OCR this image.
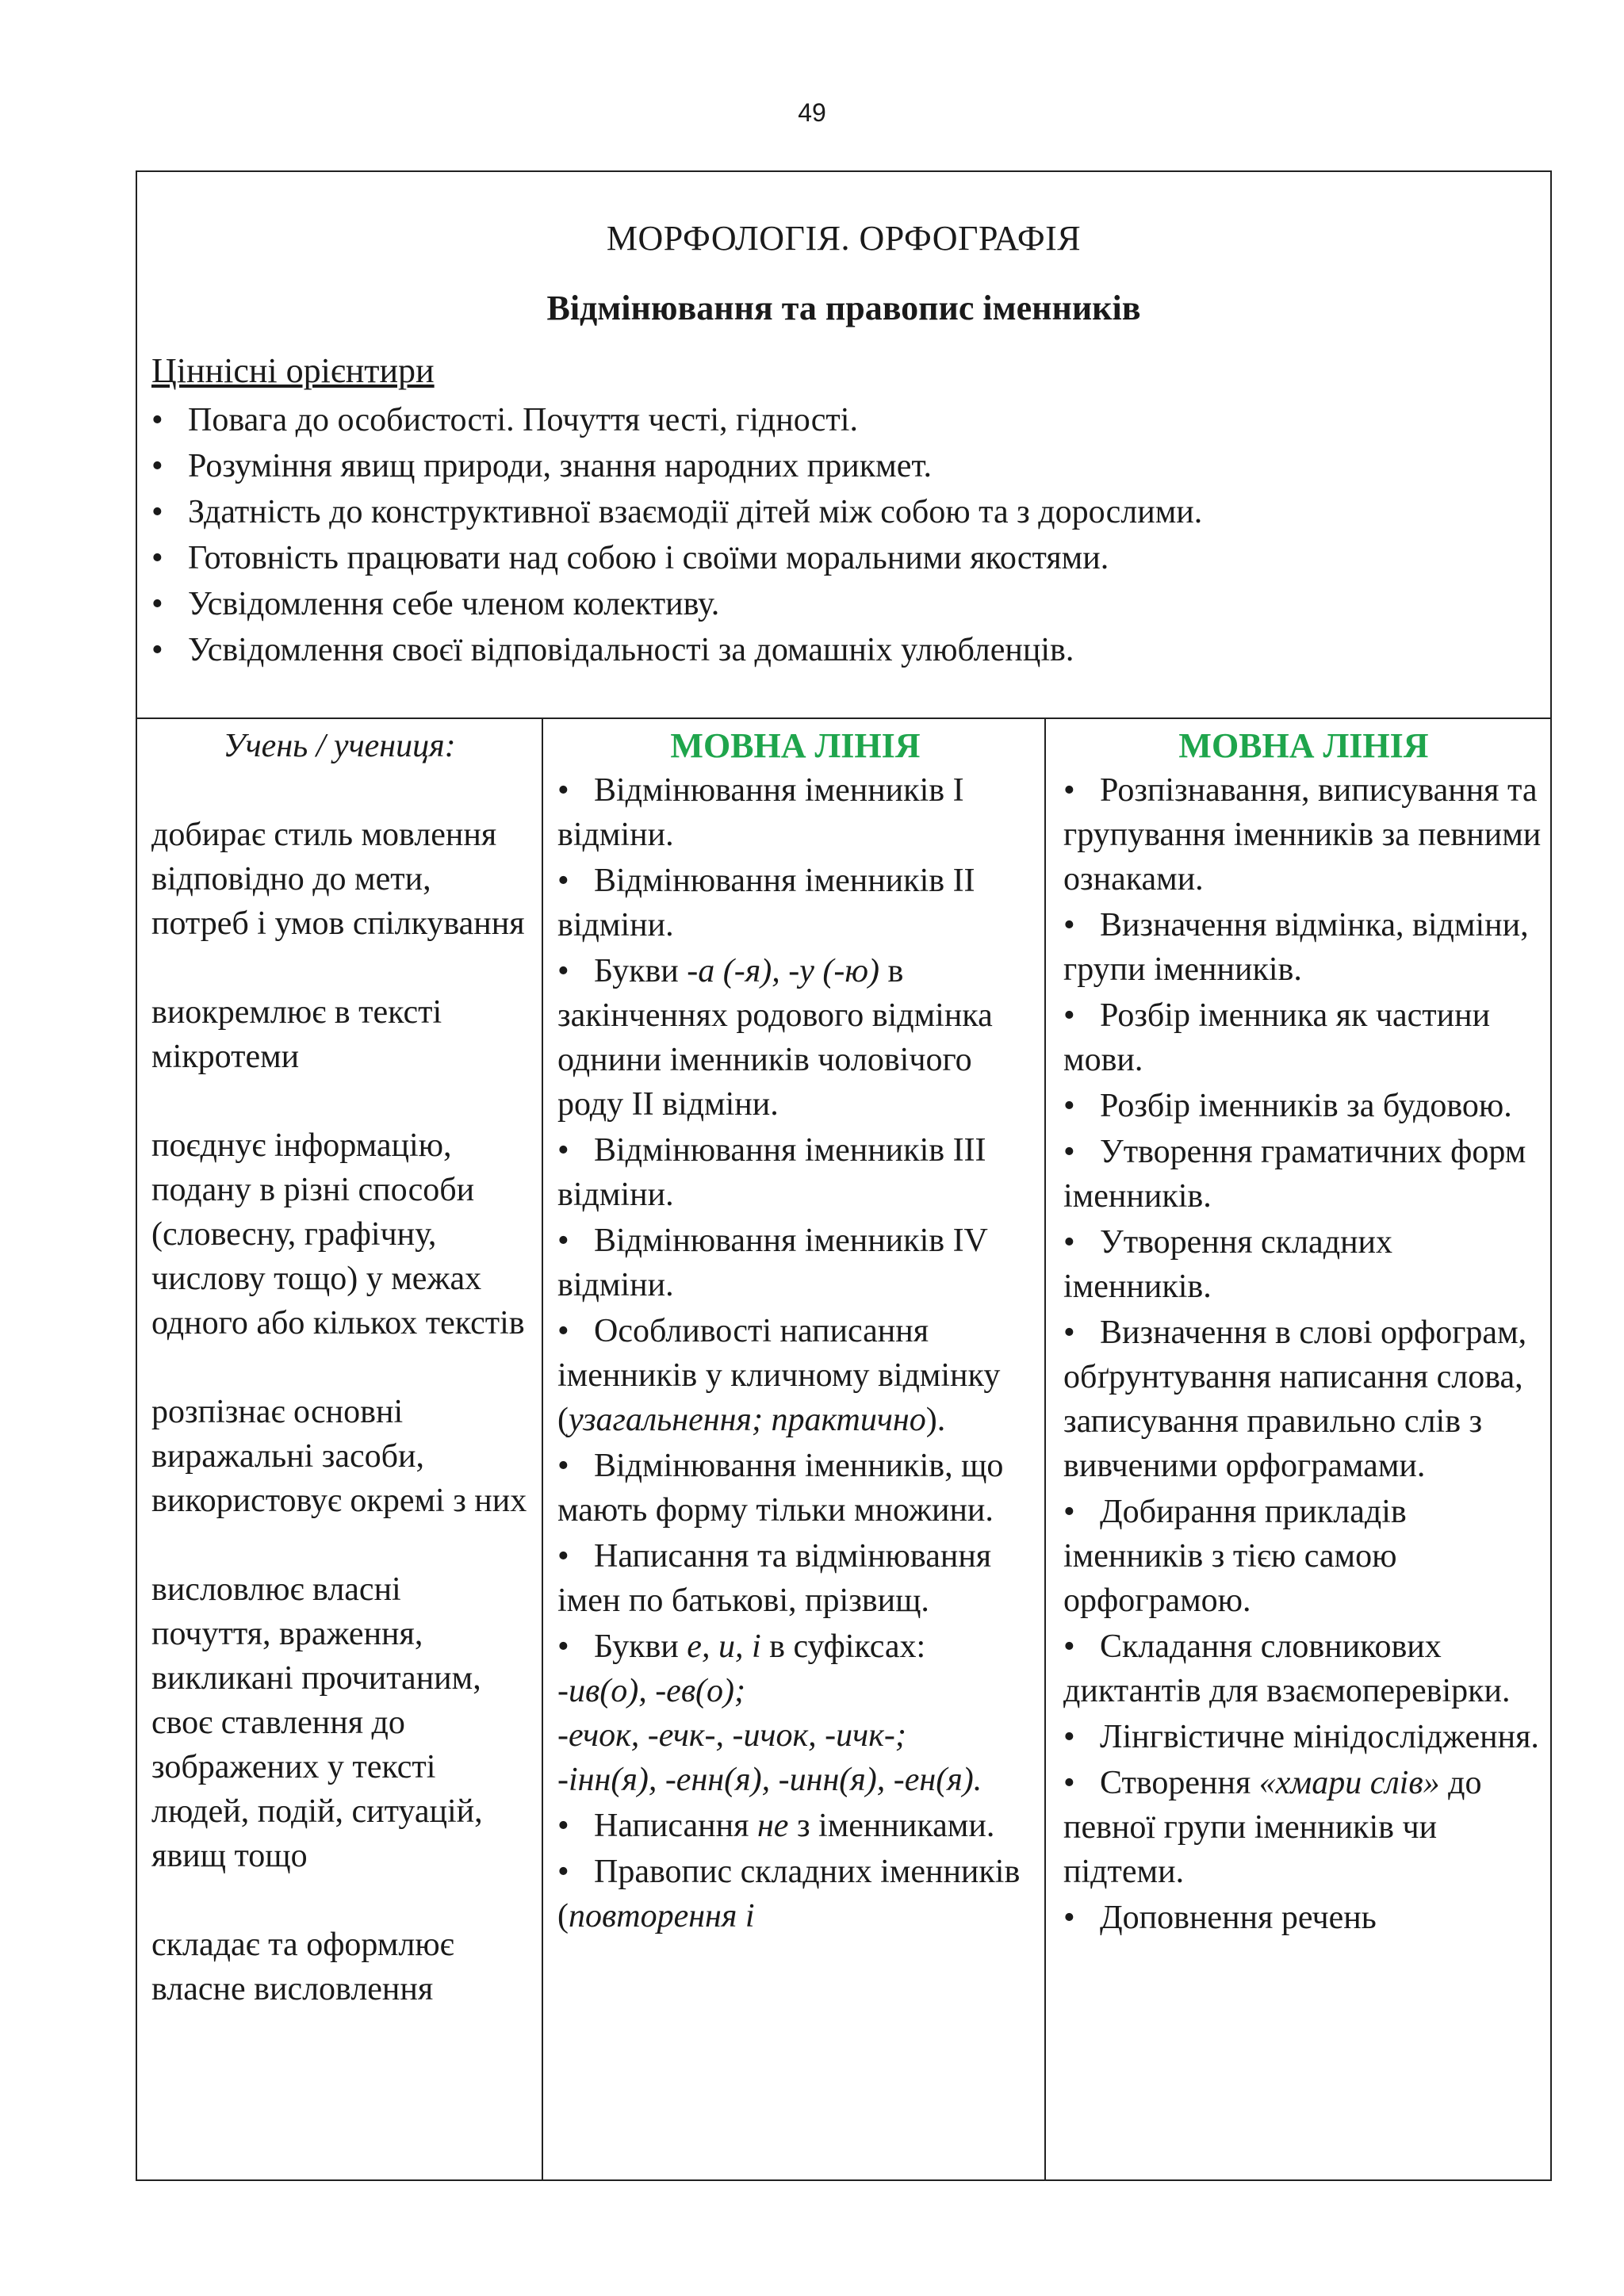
49
МОРФОЛОГІЯ. ОРФОГРАФІЯ
Відмінювання та правопис іменників
Ціннісні орієнтири
• Повага до особистості. Почуття честі, гідності.
• Розуміння явищ природи, знання народних прикмет.
• Здатність до конструктивної взаємодії дітей між собою та з дорослими.
• Готовність працювати над собою і своїми моральними якостями.
• Усвідомлення себе членом колективу.
• Усвідомлення своєї відповідальності за домашніх улюбленців.
Учень / учениця:
добирає стиль мовлення відповідно до мети, потреб і умов спілкування
виокремлює в тексті мікротеми
поєднує інформацію, подану в різні способи (словесну, графічну, числову тощо) у межах одного або кількох текстів
розпізнає основні виражальні засоби, використовує окремі з них
висловлює власні почуття, враження, викликані прочитаним, своє ставлення до зображених у тексті людей, подій, ситуацій, явищ тощо
складає та оформлює власне висловлення
МОВНА ЛІНІЯ
• Відмінювання іменників І відміни.
• Відмінювання іменників ІІ відміни.
• Букви -а (-я), -у (-ю) в закінченнях родового відмінка однини іменників чоловічого роду ІІ відміни.
• Відмінювання іменників ІІІ відміни.
• Відмінювання іменників IV відміни.
• Особливості написання іменників у кличному відмінку (узагальнення; практично).
• Відмінювання іменників, що мають форму тільки множини.
• Написання та відмінювання імен по батькові, прізвищ.
• Букви е, и, і в суфіксах:
-ив(о), -ев(о);
-ечок, -ечк-, -ичок, -ичк-;
-інн(я), -енн(я), -инн(я), -ен(я).
• Написання не з іменниками.
• Правопис складних іменників (повторення і
МОВНА ЛІНІЯ
• Розпізнавання, виписування та групування іменників за певними ознаками.
• Визначення відмінка, відміни, групи іменників.
• Розбір іменника як частини мови.
• Розбір іменників за будовою.
• Утворення граматичних форм іменників.
• Утворення складних іменників.
• Визначення в слові орфограм, обґрунтування написання слова, записування правильно слів з вивченими орфограмами.
• Добирання прикладів іменників з тією самою орфограмою.
• Складання словникових диктантів для взаємоперевірки.
• Лінгвістичне мінідослідження.
• Створення «хмари слів» до певної групи іменників чи підтеми.
• Доповнення речень
